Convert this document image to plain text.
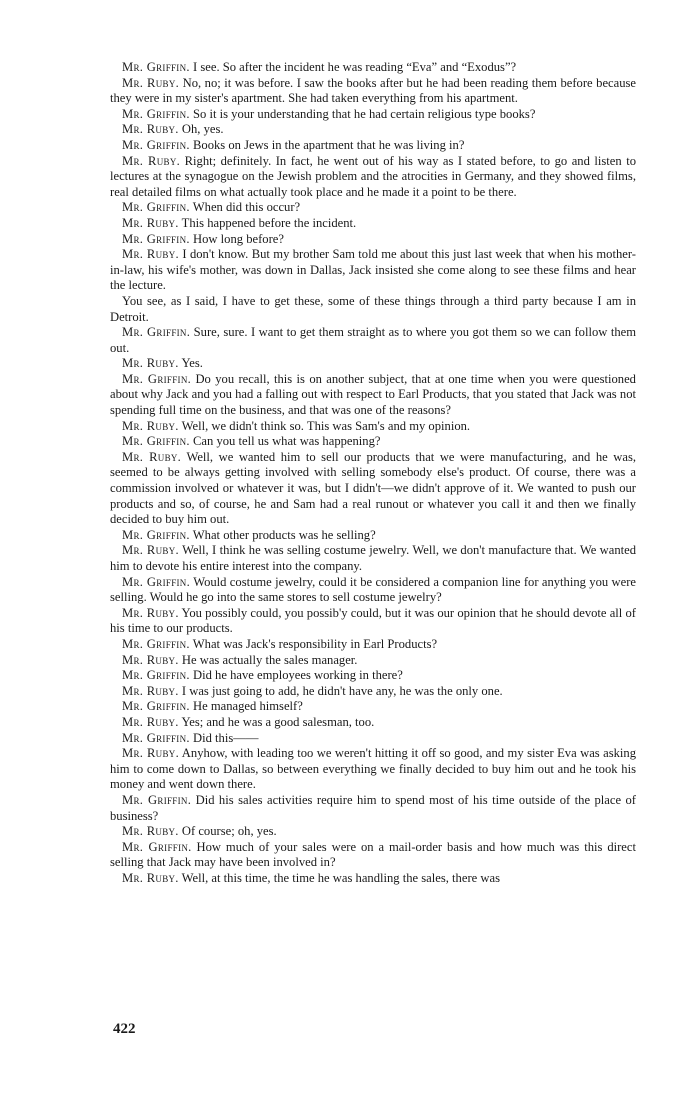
Mr. Griffin. I see. So after the incident he was reading “Eva” and “Exodus”?

Mr. Ruby. No, no; it was before. I saw the books after but he had been reading them before because they were in my sister's apartment. She had taken everything from his apartment.

Mr. Griffin. So it is your understanding that he had certain religious type books?

Mr. Ruby. Oh, yes.

Mr. Griffin. Books on Jews in the apartment that he was living in?

Mr. Ruby. Right; definitely. In fact, he went out of his way as I stated before, to go and listen to lectures at the synagogue on the Jewish problem and the atrocities in Germany, and they showed films, real detailed films on what actually took place and he made it a point to be there.

Mr. Griffin. When did this occur?

Mr. Ruby. This happened before the incident.

Mr. Griffin. How long before?

Mr. Ruby. I don't know. But my brother Sam told me about this just last week that when his mother-in-law, his wife's mother, was down in Dallas, Jack insisted she come along to see these films and hear the lecture.

You see, as I said, I have to get these, some of these things through a third party because I am in Detroit.

Mr. Griffin. Sure, sure. I want to get them straight as to where you got them so we can follow them out.

Mr. Ruby. Yes.

Mr. Griffin. Do you recall, this is on another subject, that at one time when you were questioned about why Jack and you had a falling out with respect to Earl Products, that you stated that Jack was not spending full time on the business, and that was one of the reasons?

Mr. Ruby. Well, we didn't think so. This was Sam's and my opinion.

Mr. Griffin. Can you tell us what was happening?

Mr. Ruby. Well, we wanted him to sell our products that we were manufacturing, and he was, seemed to be always getting involved with selling somebody else's product. Of course, there was a commission involved or whatever it was, but I didn't—we didn't approve of it. We wanted to push our products and so, of course, he and Sam had a real runout or whatever you call it and then we finally decided to buy him out.

Mr. Griffin. What other products was he selling?

Mr. Ruby. Well, I think he was selling costume jewelry. Well, we don't manufacture that. We wanted him to devote his entire interest into the company.

Mr. Griffin. Would costume jewelry, could it be considered a companion line for anything you were selling. Would he go into the same stores to sell costume jewelry?

Mr. Ruby. You possibly could, you possib'y could, but it was our opinion that he should devote all of his time to our products.

Mr. Griffin. What was Jack's responsibility in Earl Products?

Mr. Ruby. He was actually the sales manager.

Mr. Griffin. Did he have employees working in there?

Mr. Ruby. I was just going to add, he didn't have any, he was the only one.

Mr. Griffin. He managed himself?

Mr. Ruby. Yes; and he was a good salesman, too.

Mr. Griffin. Did this——

Mr. Ruby. Anyhow, with leading too we weren't hitting it off so good, and my sister Eva was asking him to come down to Dallas, so between everything we finally decided to buy him out and he took his money and went down there.

Mr. Griffin. Did his sales activities require him to spend most of his time outside of the place of business?

Mr. Ruby. Of course; oh, yes.

Mr. Griffin. How much of your sales were on a mail-order basis and how much was this direct selling that Jack may have been involved in?

Mr. Ruby. Well, at this time, the time he was handling the sales, there was

422
